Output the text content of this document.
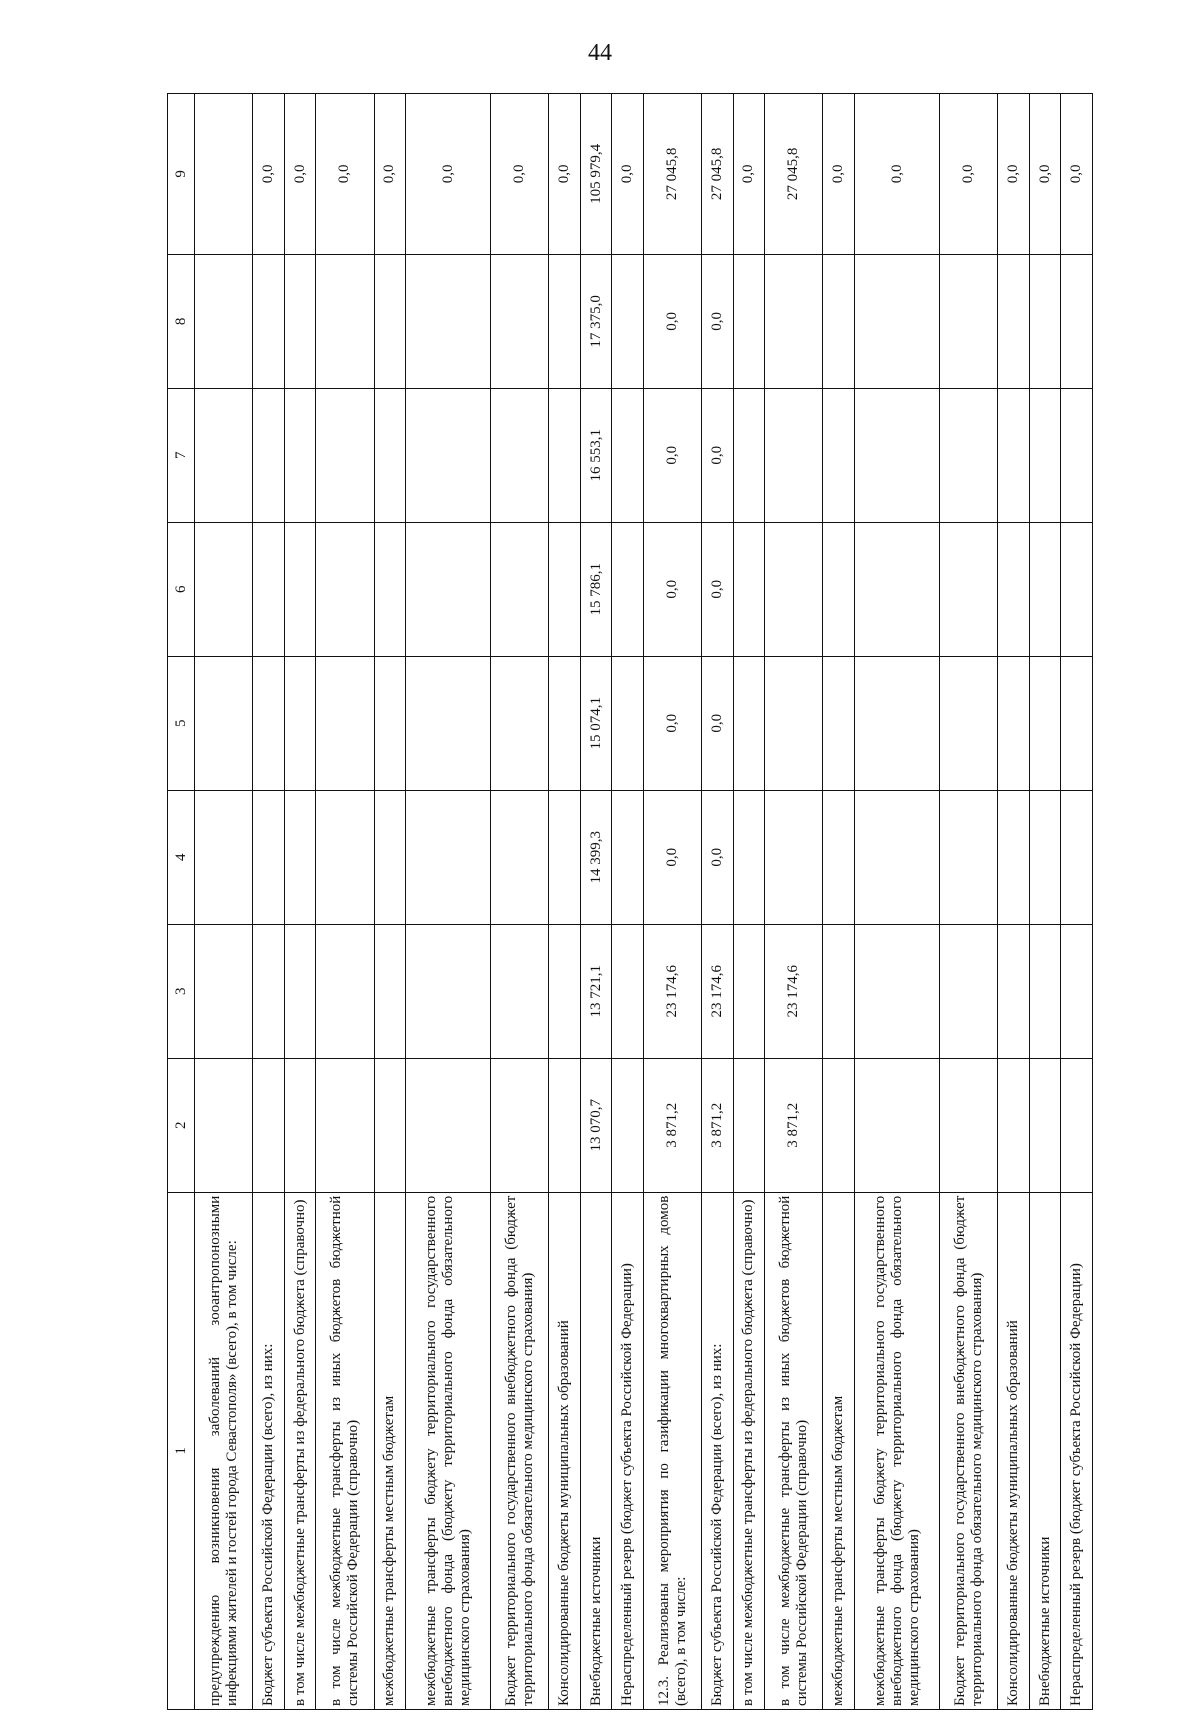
44
1	2	3	4	5	6	7	8	9
предупреждению возникновения заболеваний зооантропонозными инфекциями жителей и гостей города Севастополя» (всего), в том числе:								
Бюджет субъекта Российской Федерации (всего), из них:								0,0
в том числе межбюджетные трансферты из федерального бюджета (справочно)								0,0
в том числе межбюджетные трансферты из иных бюджетов бюджетной системы Российской Федерации (справочно)								0,0
межбюджетные трансферты местным бюджетам								0,0
межбюджетные трансферты бюджету территориального государственного внебюджетного фонда (бюджету территориального фонда обязательного медицинского страхования)								0,0
Бюджет территориального государственного внебюджетного фонда (бюджет территориального фонда обязательного медицинского страхования)								0,0
Консолидированные бюджеты муниципальных образований								0,0
Внебюджетные источники	13 070,7	13 721,1	14 399,3	15 074,1	15 786,1	16 553,1	17 375,0	105 979,4
Нераспределенный резерв (бюджет субъекта Российской Федерации)								0,0
12.3. Реализованы мероприятия по газификации многоквартирных домов (всего), в том числе:	3 871,2	23 174,6	0,0	0,0	0,0	0,0	0,0	27 045,8
Бюджет субъекта Российской Федерации (всего), из них:	3 871,2	23 174,6	0,0	0,0	0,0	0,0	0,0	27 045,8
в том числе межбюджетные трансферты из федерального бюджета (справочно)								0,0
в том числе межбюджетные трансферты из иных бюджетов бюджетной системы Российской Федерации (справочно)	3 871,2	23 174,6						27 045,8
межбюджетные трансферты местным бюджетам								0,0
межбюджетные трансферты бюджету территориального государственного внебюджетного фонда (бюджету территориального фонда обязательного медицинского страхования)								0,0
Бюджет территориального государственного внебюджетного фонда (бюджет территориального фонда обязательного медицинского страхования)								0,0
Консолидированные бюджеты муниципальных образований								0,0
Внебюджетные источники								0,0
Нераспределенный резерв (бюджет субъекта Российской Федерации)								0,0
